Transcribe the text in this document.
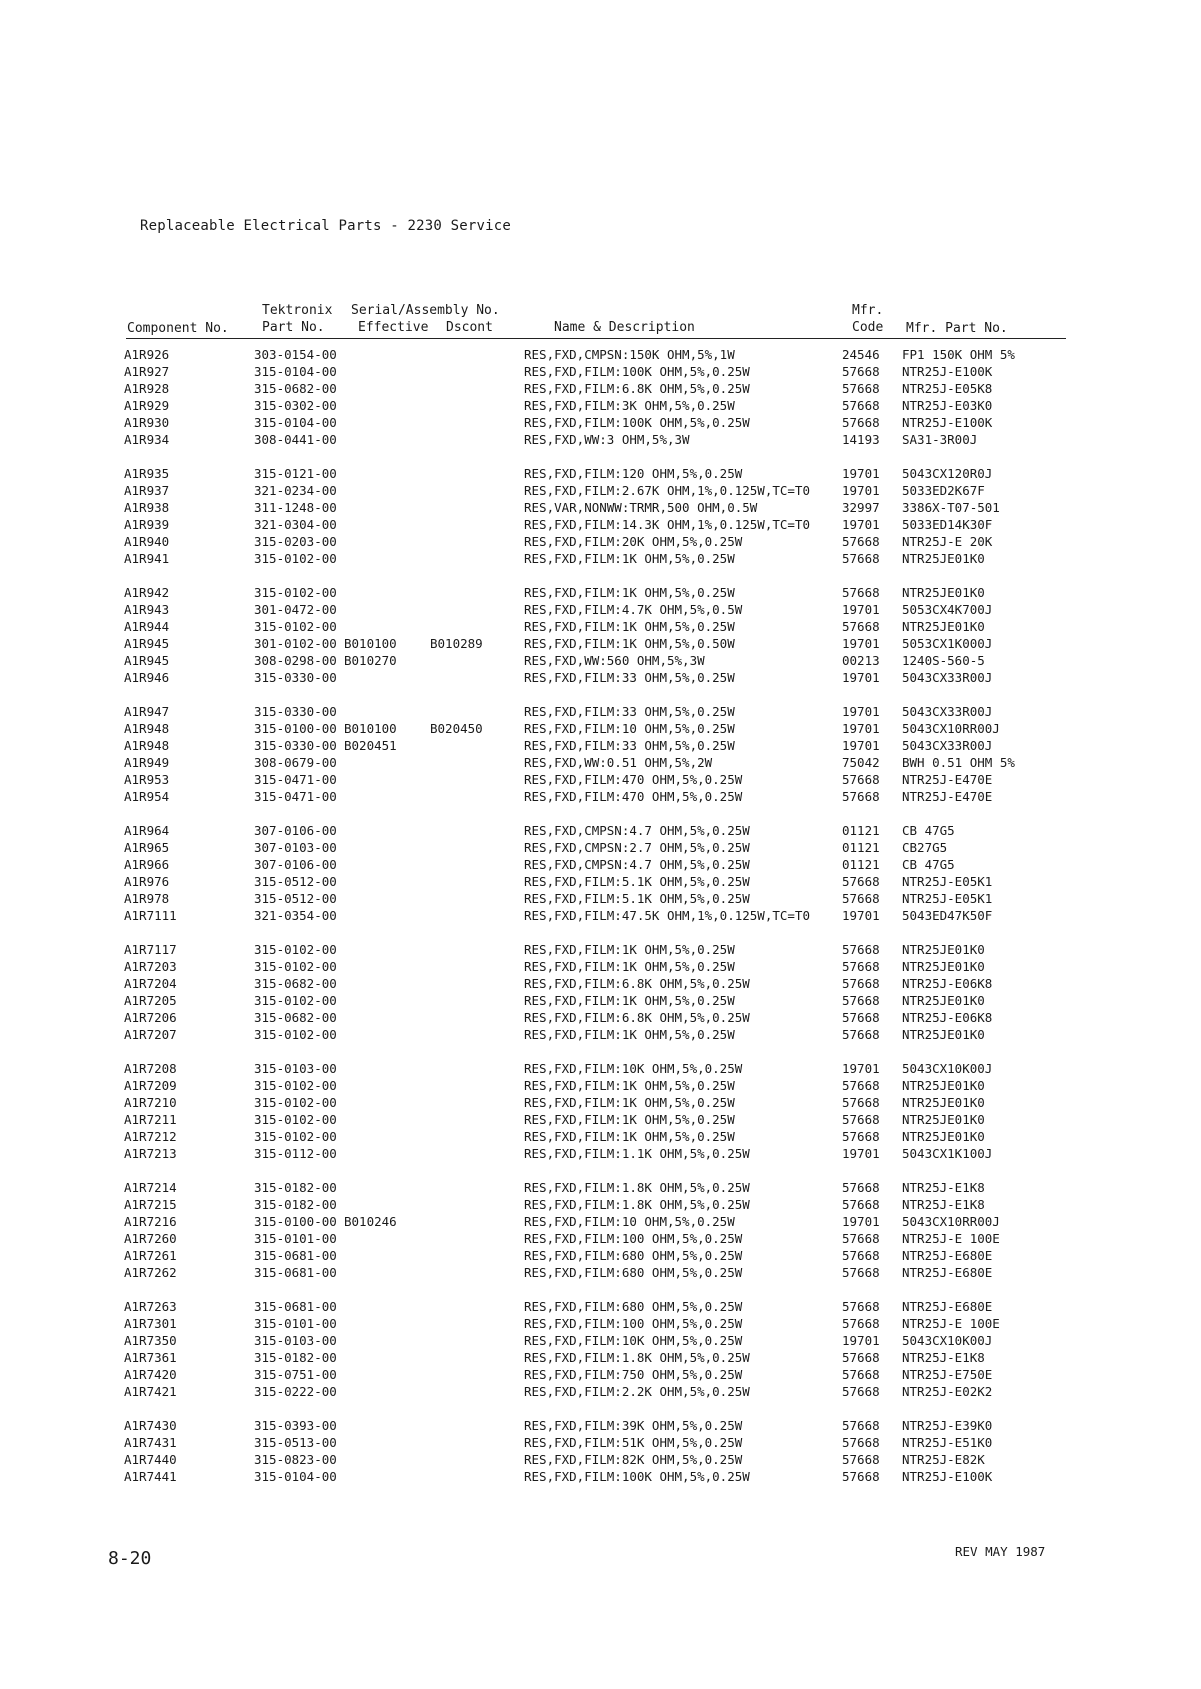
Replaceable Electrical Parts - 2230 Service
Tektronix Serial/Assembly No.	Mfr.
Component No.	Part No.	Effective Dscont	Name & Description	Code Mfr. Part No.
A1R926	303-0154-00	RES,FXD,CMPSN:150K OHM,5%,1W	24546 FP1 150K OHM 5%
A1R927	315-0104-00	RES,FXD,FILM:100K OHM,5%,0.25W	57668 NTR25J-E100K
A1R928	315-0682-00	RES,FXD,FILM:6.8K OHM,5%,0.25W	57668 NTR25J-E05K8
A1R929	315-0302-00	RES,FXD,FILM:3K OHM,5%,0.25W	57668 NTR25J-E03K0
A1R930	315-0104-00	RES,FXD,FILM:100K OHM,5%,0.25W	57668 NTR25J-E100K
A1R934	308-0441-00	RES,FXD,WW:3 OHM,5%,3W	14193 SA31-3R00J
A1R935	315-0121-00	RES,FXD,FILM:120 OHM,5%,0.25W	19701 5043CX120R0J
A1R937	321-0234-00	RES,FXD,FILM:2.67K OHM,1%,0.125W,TC=T0	19701 5033ED2K67F
A1R938	311-1248-00	RES,VAR,NONWW:TRMR,500 OHM,0.5W	32997 3386X-T07-501
A1R939	321-0304-00	RES,FXD,FILM:14.3K OHM,1%,0.125W,TC=T0	19701 5033ED14K30F
A1R940	315-0203-00	RES,FXD,FILM:20K OHM,5%,0.25W	57668 NTR25J-E 20K
A1R941	315-0102-00	RES,FXD,FILM:1K OHM,5%,0.25W	57668 NTR25JE01K0
A1R942	315-0102-00	RES,FXD,FILM:1K OHM,5%,0.25W	57668 NTR25JE01K0
A1R943	301-0472-00	RES,FXD,FILM:4.7K OHM,5%,0.5W	19701 5053CX4K700J
A1R944	315-0102-00	RES,FXD,FILM:1K OHM,5%,0.25W	57668 NTR25JE01K0
A1R945	301-0102-00 B010100	B010289	RES,FXD,FILM:1K OHM,5%,0.50W	19701 5053CX1K000J
A1R945	308-0298-00 B010270	RES,FXD,WW:560 OHM,5%,3W	00213 1240S-560-5
A1R946	315-0330-00	RES,FXD,FILM:33 OHM,5%,0.25W	19701 5043CX33R00J
A1R947	315-0330-00	RES,FXD,FILM:33 OHM,5%,0.25W	19701 5043CX33R00J
A1R948	315-0100-00 B010100	B020450	RES,FXD,FILM:10 OHM,5%,0.25W	19701 5043CX10RR00J
A1R948	315-0330-00 B020451	RES,FXD,FILM:33 OHM,5%,0.25W	19701 5043CX33R00J
A1R949	308-0679-00	RES,FXD,WW:0.51 OHM,5%,2W	75042 BWH 0.51 OHM 5%
A1R953	315-0471-00	RES,FXD,FILM:470 OHM,5%,0.25W	57668 NTR25J-E470E
A1R954	315-0471-00	RES,FXD,FILM:470 OHM,5%,0.25W	57668 NTR25J-E470E
A1R964	307-0106-00	RES,FXD,CMPSN:4.7 OHM,5%,0.25W	01121 CB 47G5
A1R965	307-0103-00	RES,FXD,CMPSN:2.7 OHM,5%,0.25W	01121 CB27G5
A1R966	307-0106-00	RES,FXD,CMPSN:4.7 OHM,5%,0.25W	01121 CB 47G5
A1R976	315-0512-00	RES,FXD,FILM:5.1K OHM,5%,0.25W	57668 NTR25J-E05K1
A1R978	315-0512-00	RES,FXD,FILM:5.1K OHM,5%,0.25W	57668 NTR25J-E05K1
A1R7111	321-0354-00	RES,FXD,FILM:47.5K OHM,1%,0.125W,TC=T0	19701 5043ED47K50F
A1R7117	315-0102-00	RES,FXD,FILM:1K OHM,5%,0.25W	57668 NTR25JE01K0
A1R7203	315-0102-00	RES,FXD,FILM:1K OHM,5%,0.25W	57668 NTR25JE01K0
A1R7204	315-0682-00	RES,FXD,FILM:6.8K OHM,5%,0.25W	57668 NTR25J-E06K8
A1R7205	315-0102-00	RES,FXD,FILM:1K OHM,5%,0.25W	57668 NTR25JE01K0
A1R7206	315-0682-00	RES,FXD,FILM:6.8K OHM,5%,0.25W	57668 NTR25J-E06K8
A1R7207	315-0102-00	RES,FXD,FILM:1K OHM,5%,0.25W	57668 NTR25JE01K0
A1R7208	315-0103-00	RES,FXD,FILM:10K OHM,5%,0.25W	19701 5043CX10K00J
A1R7209	315-0102-00	RES,FXD,FILM:1K OHM,5%,0.25W	57668 NTR25JE01K0
A1R7210	315-0102-00	RES,FXD,FILM:1K OHM,5%,0.25W	57668 NTR25JE01K0
A1R7211	315-0102-00	RES,FXD,FILM:1K OHM,5%,0.25W	57668 NTR25JE01K0
A1R7212	315-0102-00	RES,FXD,FILM:1K OHM,5%,0.25W	57668 NTR25JE01K0
A1R7213	315-0112-00	RES,FXD,FILM:1.1K OHM,5%,0.25W	19701 5043CX1K100J
A1R7214	315-0182-00	RES,FXD,FILM:1.8K OHM,5%,0.25W	57668 NTR25J-E1K8
A1R7215	315-0182-00	RES,FXD,FILM:1.8K OHM,5%,0.25W	57668 NTR25J-E1K8
A1R7216	315-0100-00 B010246	RES,FXD,FILM:10 OHM,5%,0.25W	19701 5043CX10RR00J
A1R7260	315-0101-00	RES,FXD,FILM:100 OHM,5%,0.25W	57668 NTR25J-E 100E
A1R7261	315-0681-00	RES,FXD,FILM:680 OHM,5%,0.25W	57668 NTR25J-E680E
A1R7262	315-0681-00	RES,FXD,FILM:680 OHM,5%,0.25W	57668 NTR25J-E680E
A1R7263	315-0681-00	RES,FXD,FILM:680 OHM,5%,0.25W	57668 NTR25J-E680E
A1R7301	315-0101-00	RES,FXD,FILM:100 OHM,5%,0.25W	57668 NTR25J-E 100E
A1R7350	315-0103-00	RES,FXD,FILM:10K OHM,5%,0.25W	19701 5043CX10K00J
A1R7361	315-0182-00	RES,FXD,FILM:1.8K OHM,5%,0.25W	57668 NTR25J-E1K8
A1R7420	315-0751-00	RES,FXD,FILM:750 OHM,5%,0.25W	57668 NTR25J-E750E
A1R7421	315-0222-00	RES,FXD,FILM:2.2K OHM,5%,0.25W	57668 NTR25J-E02K2
A1R7430	315-0393-00	RES,FXD,FILM:39K OHM,5%,0.25W	57668 NTR25J-E39K0
A1R7431	315-0513-00	RES,FXD,FILM:51K OHM,5%,0.25W	57668 NTR25J-E51K0
A1R7440	315-0823-00	RES,FXD,FILM:82K OHM,5%,0.25W	57668 NTR25J-E82K
A1R7441	315-0104-00	RES,FXD,FILM:100K OHM,5%,0.25W	57668 NTR25J-E100K
8-20	REV MAY 1987
